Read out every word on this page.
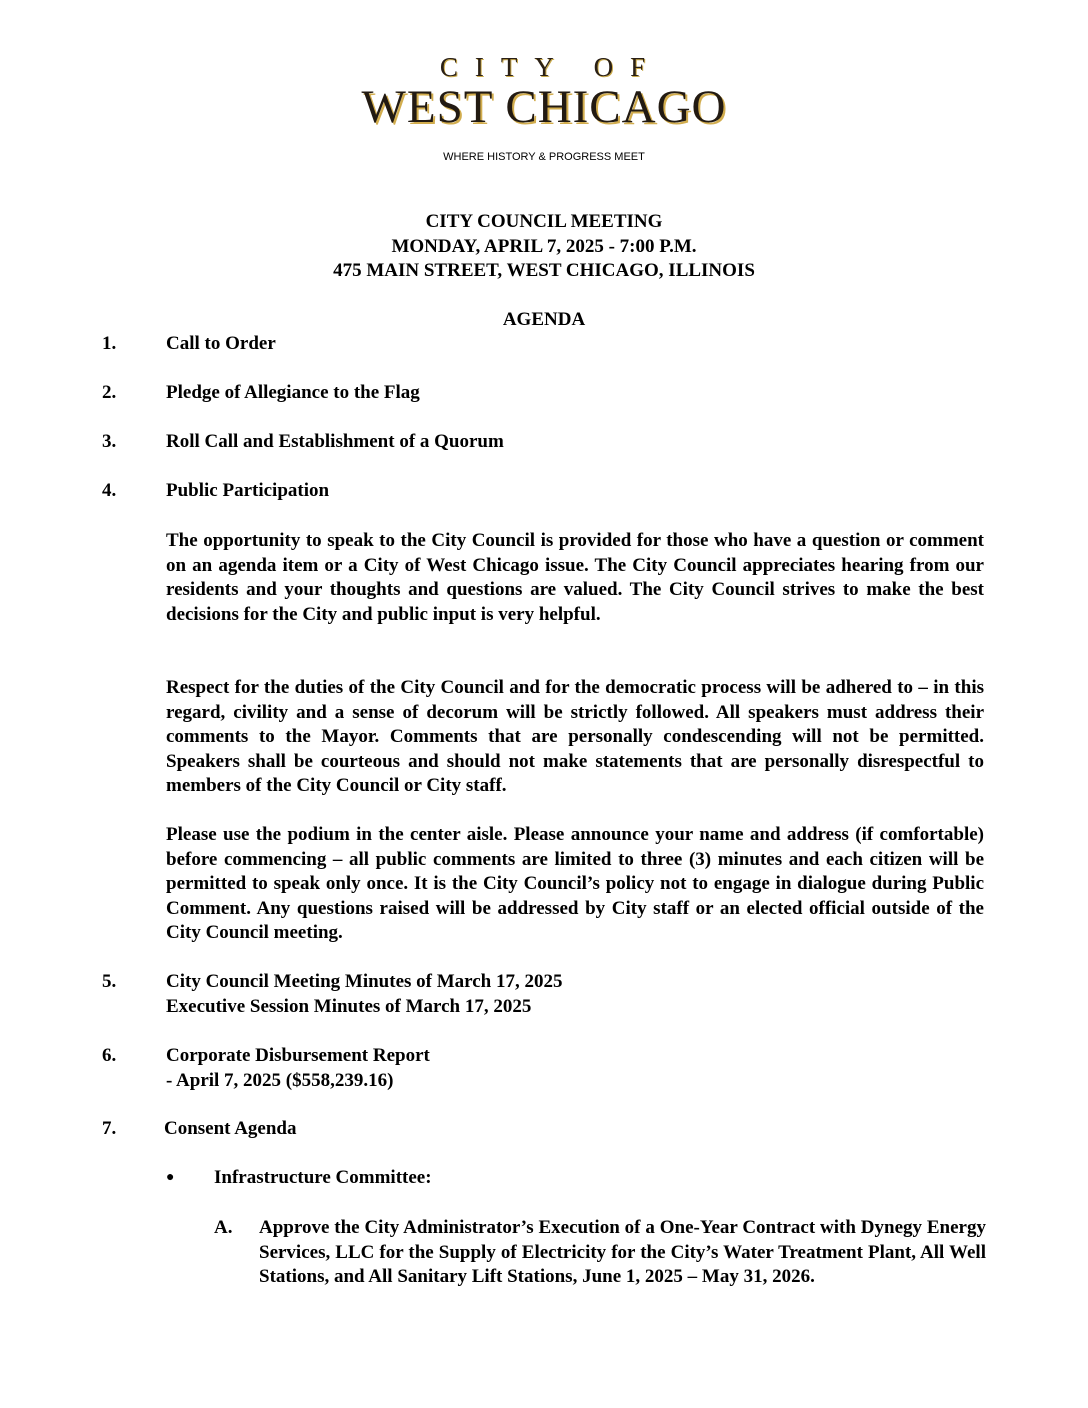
CITY OF
WEST CHICAGO
WHERE HISTORY & PROGRESS MEET
CITY COUNCIL MEETING
MONDAY, APRIL 7, 2025 - 7:00 P.M.
475 MAIN STREET, WEST CHICAGO, ILLINOIS
AGENDA
1.	Call to Order
2.	Pledge of Allegiance to the Flag
3.	Roll Call and Establishment of a Quorum
4.	Public Participation
The opportunity to speak to the City Council is provided for those who have a question or comment on an agenda item or a City of West Chicago issue. The City Council appreciates hearing from our residents and your thoughts and questions are valued. The City Council strives to make the best decisions for the City and public input is very helpful.
Respect for the duties of the City Council and for the democratic process will be adhered to – in this regard, civility and a sense of decorum will be strictly followed. All speakers must address their comments to the Mayor. Comments that are personally condescending will not be permitted. Speakers shall be courteous and should not make statements that are personally disrespectful to members of the City Council or City staff.
Please use the podium in the center aisle. Please announce your name and address (if comfortable) before commencing – all public comments are limited to three (3) minutes and each citizen will be permitted to speak only once. It is the City Council’s policy not to engage in dialogue during Public Comment. Any questions raised will be addressed by City staff or an elected official outside of the City Council meeting.
5.	City Council Meeting Minutes of March 17, 2025
Executive Session Minutes of March 17, 2025
6.	Corporate Disbursement Report
- April 7, 2025 ($558,239.16)
7.	Consent Agenda
● Infrastructure Committee:
A. Approve the City Administrator’s Execution of a One-Year Contract with Dynegy Energy Services, LLC for the Supply of Electricity for the City’s Water Treatment Plant, All Well Stations, and All Sanitary Lift Stations, June 1, 2025 – May 31, 2026.
